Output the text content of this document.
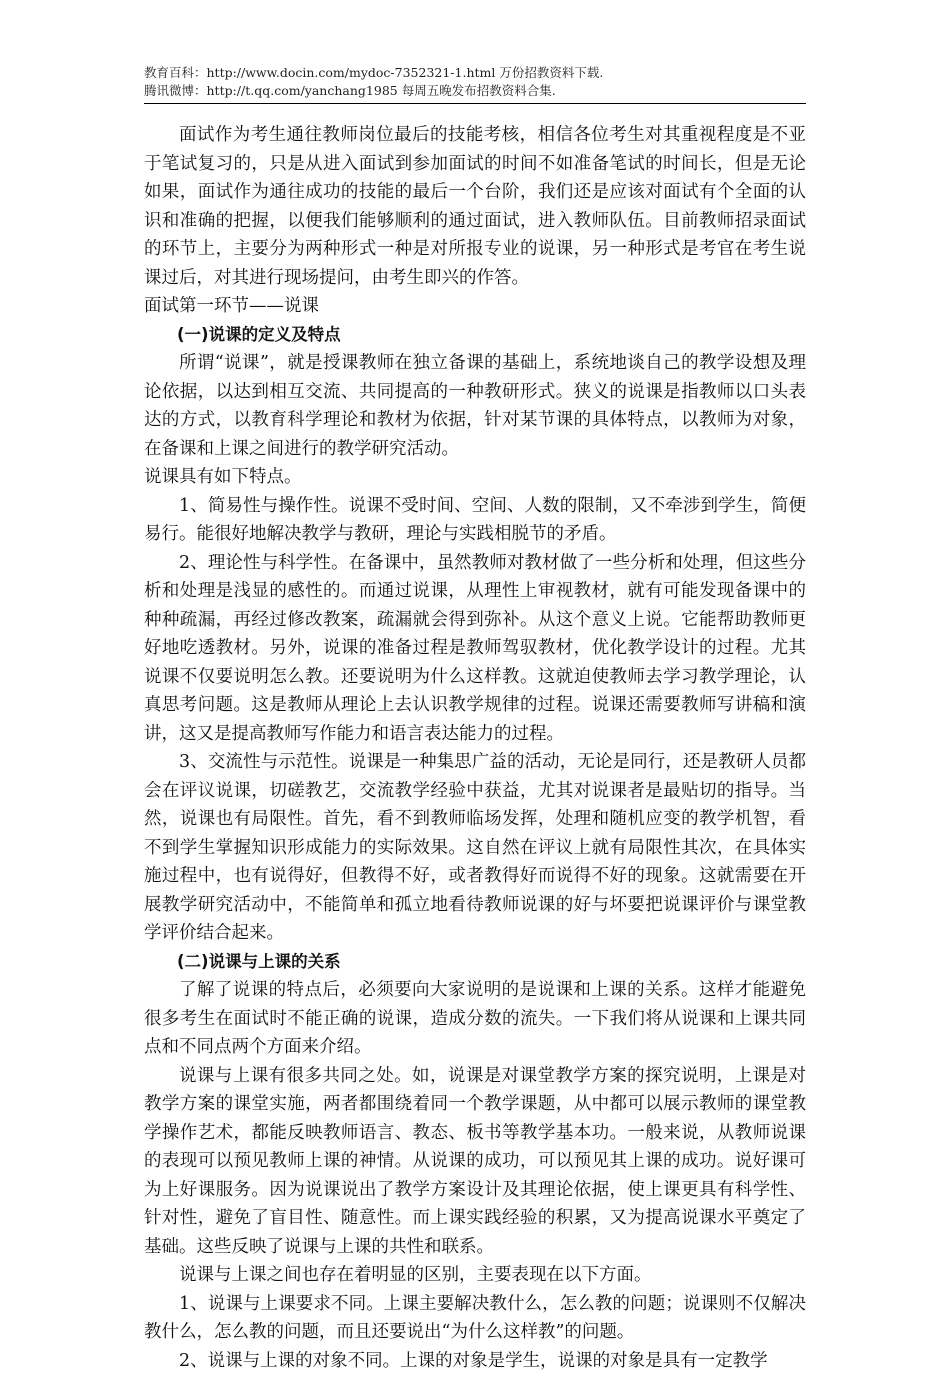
教育百科：http://www.docin.com/mydoc-7352321-1.html 万份招教资料下载.
腾讯微博：http://t.qq.com/yanchang1985 每周五晚发布招教资料合集.

面试作为考生通往教师岗位最后的技能考核，相信各位考生对其重视程度是不亚于笔试复习的，只是从进入面试到参加面试的时间不如准备笔试的时间长，但是无论如果，面试作为通往成功的技能的最后一个台阶，我们还是应该对面试有个全面的认识和准确的把握，以便我们能够顺利的通过面试，进入教师队伍。目前教师招录面试的环节上，主要分为两种形式一种是对所报专业的说课，另一种形式是考官在考生说课过后，对其进行现场提问，由考生即兴的作答。

面试第一环节——说课

(一)说课的定义及特点

所谓“说课”，就是授课教师在独立备课的基础上，系统地谈自己的教学设想及理论依据，以达到相互交流、共同提高的一种教研形式。狭义的说课是指教师以口头表达的方式，以教育科学理论和教材为依据，针对某节课的具体特点，以教师为对象，在备课和上课之间进行的教学研究活动。

说课具有如下特点。

1、简易性与操作性。说课不受时间、空间、人数的限制，又不牵涉到学生，简便易行。能很好地解决教学与教研，理论与实践相脱节的矛盾。

2、理论性与科学性。在备课中，虽然教师对教材做了一些分析和处理，但这些分析和处理是浅显的感性的。而通过说课，从理性上审视教材，就有可能发现备课中的种种疏漏，再经过修改教案，疏漏就会得到弥补。从这个意义上说。它能帮助教师更好地吃透教材。另外，说课的准备过程是教师驾驭教材，优化教学设计的过程。尤其说课不仅要说明怎么教。还要说明为什么这样教。这就迫使教师去学习教学理论，认真思考问题。这是教师从理论上去认识教学规律的过程。说课还需要教师写讲稿和演讲，这又是提高教师写作能力和语言表达能力的过程。

3、交流性与示范性。说课是一种集思广益的活动，无论是同行，还是教研人员都会在评议说课，切磋教艺，交流教学经验中获益，尤其对说课者是最贴切的指导。当然，说课也有局限性。首先，看不到教师临场发挥，处理和随机应变的教学机智，看不到学生掌握知识形成能力的实际效果。这自然在评议上就有局限性其次，在具体实施过程中，也有说得好，但教得不好，或者教得好而说得不好的现象。这就需要在开展教学研究活动中，不能简单和孤立地看待教师说课的好与坏要把说课评价与课堂教学评价结合起来。

(二)说课与上课的关系

了解了说课的特点后，必须要向大家说明的是说课和上课的关系。这样才能避免很多考生在面试时不能正确的说课，造成分数的流失。一下我们将从说课和上课共同点和不同点两个方面来介绍。

说课与上课有很多共同之处。如，说课是对课堂教学方案的探究说明，上课是对教学方案的课堂实施，两者都围绕着同一个教学课题，从中都可以展示教师的课堂教学操作艺术，都能反映教师语言、教态、板书等教学基本功。一般来说，从教师说课的表现可以预见教师上课的神情。从说课的成功，可以预见其上课的成功。说好课可为上好课服务。因为说课说出了教学方案设计及其理论依据，使上课更具有科学性、针对性，避免了盲目性、随意性。而上课实践经验的积累，又为提高说课水平奠定了基础。这些反映了说课与上课的共性和联系。

说课与上课之间也存在着明显的区别，主要表现在以下方面。

1、说课与上课要求不同。上课主要解决教什么，怎么教的问题；说课则不仅解决教什么，怎么教的问题，而且还要说出“为什么这样教”的问题。

2、说课与上课的对象不同。上课的对象是学生，说课的对象是具有一定教学
